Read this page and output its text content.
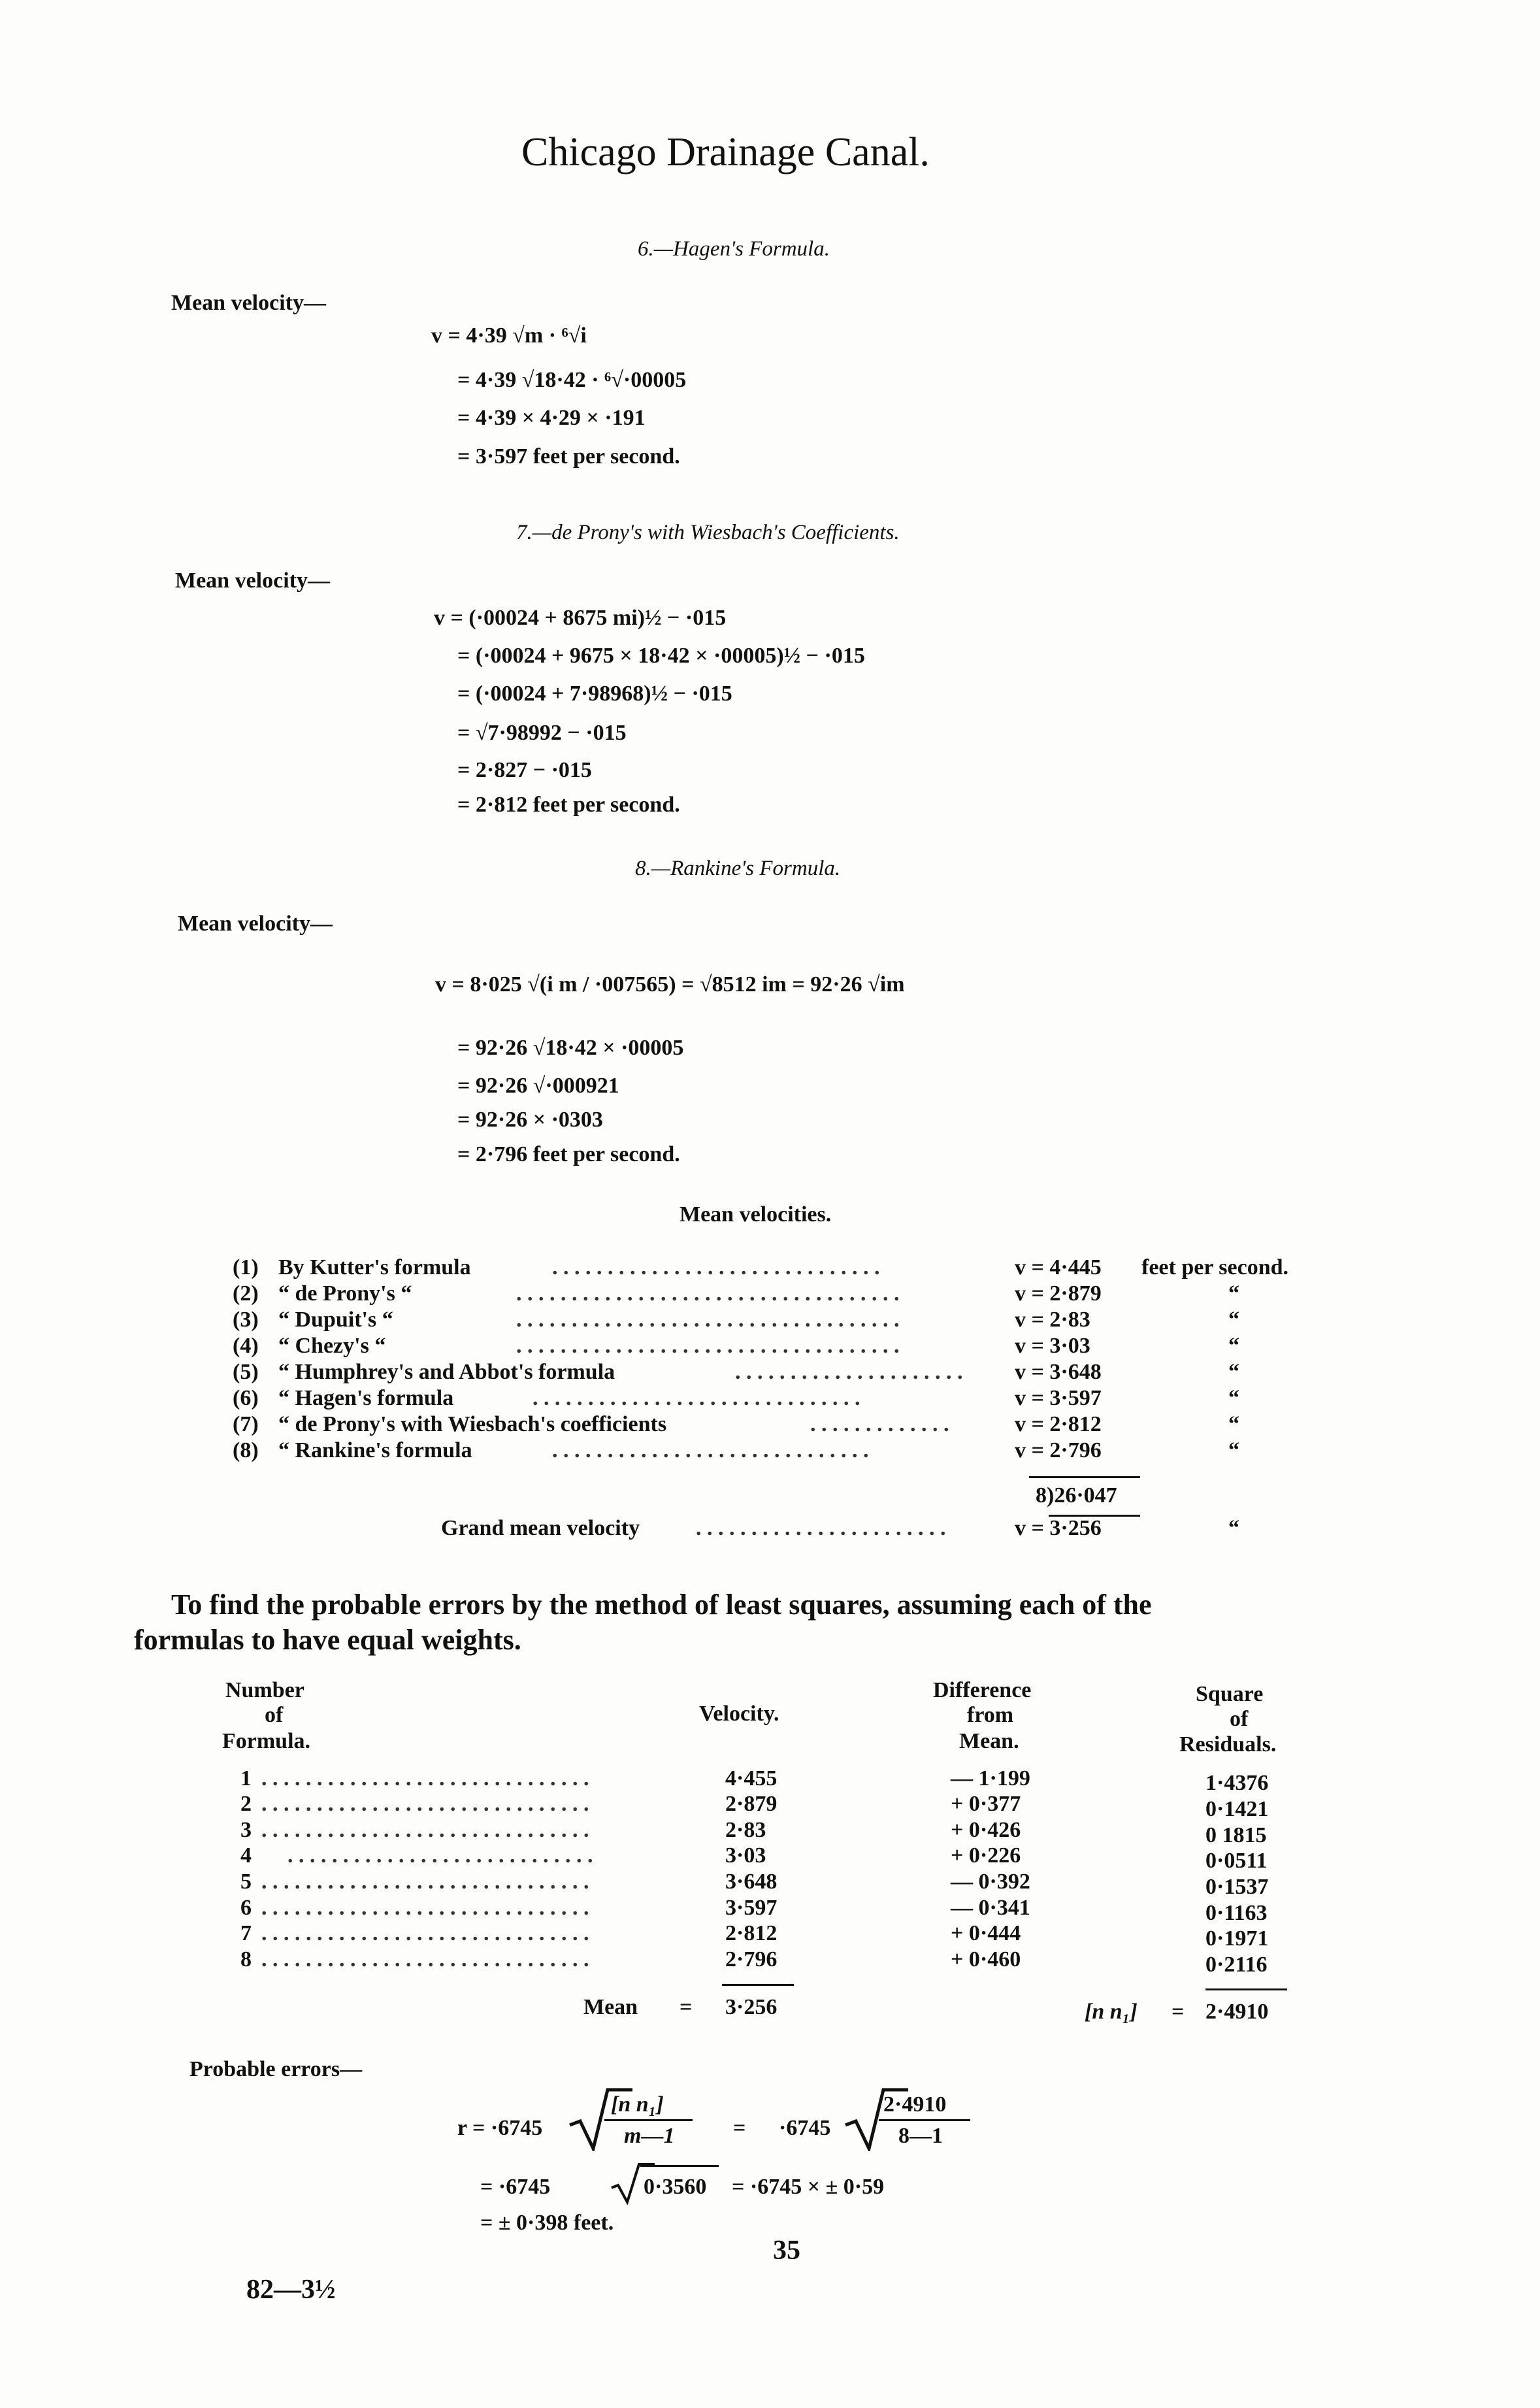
Chicago Drainage Canal.
6.—Hagen's Formula.
Mean velocity—
v = 4·39 √m · ⁶√i
= 4·39 √18·42 · ⁶√·00005
= 4·39 × 4·29 × ·191
= 3·597 feet per second.
7.—de Prony's with Wiesbach's Coefficients.
Mean velocity—
v = (·00024 + 8675 mi)½ − ·015
= (·00024 + 9675 × 18·42 × ·00005)½ − ·015
= (·00024 + 7·98968)½ − ·015
= √7·98992 − ·015
= 2·827 − ·015
= 2·812 feet per second.
8.—Rankine's Formula.
Mean velocity—
v = 8·025 √(i m / ·007565) = √8512 im = 92·26 √im
= 92·26 √18·42 × ·00005
= 92·26 √·000921
= 92·26 × ·0303
= 2·796 feet per second.
Mean velocities.
(1) By Kutter's formula	. . . . . . . . . . . . . . . . . . . . . . . . . . . . . .	v = 4·445 feet per second.
(2) “ de Prony's “	. . . . . . . . . . . . . . . . . . . . . . . . . . . . . . . . . . .	v = 2·879	“
(3) “ Dupuit's “	. . . . . . . . . . . . . . . . . . . . . . . . . . . . . . . . . . .	v = 2·83	“
(4) “ Chezy's “	. . . . . . . . . . . . . . . . . . . . . . . . . . . . . . . . . . .	v = 3·03	“
(5) “ Humphrey's and Abbot's formula	. . . . . . . . . . . . . . . . . . . . . v = 3·648	“
(6) “ Hagen's formula	. . . . . . . . . . . . . . . . . . . . . . . . . . . . . .	v = 3·597	“
(7) “ de Prony's with Wiesbach's coefficients	. . . . . . . . . . . . .	v = 2·812	“
(8) “ Rankine's formula	. . . . . . . . . . . . . . . . . . . . . . . . . . . . .	v = 2·796	“
8)26·047
Grand mean velocity	. . . . . . . . . . . . . . . . . . . . . . .	v = 3·256	“
To find the probable errors by the method of least squares, assuming each of the
formulas to have equal weights.
Number
of
Formula.
Velocity.
Difference
from
Mean.
Square
of
Residuals.
1 . . . . . . . . . . . . . . . . . . . . . . . . . . . . . .	4·455	— 1·199	1·4376
2 . . . . . . . . . . . . . . . . . . . . . . . . . . . . . .	2·879	+ 0·377	0·1421
3 . . . . . . . . . . . . . . . . . . . . . . . . . . . . . .	2·83	+ 0·426	0 1815
4 . . . . . . . . . . . . . . . . . . . . . . . . . . . .	3·03	+ 0·226	0·0511
5 . . . . . . . . . . . . . . . . . . . . . . . . . . . . . .	3·648	— 0·392	0·1537
6 . . . . . . . . . . . . . . . . . . . . . . . . . . . . . .	3·597	— 0·341	0·1163
7 . . . . . . . . . . . . . . . . . . . . . . . . . . . . . .	2·812	+ 0·444	0·1971
8 . . . . . . . . . . . . . . . . . . . . . . . . . . . . . .	2·796	+ 0·460	0·2116
Mean = 3·256	[n n₁] = 2·4910
Probable errors—
r = ·6745
[n n₁]
m—1	= ·6745
2·4910
8—1
= ·6745	0·3560 = ·6745 × ± 0·59
= ± 0·398 feet.
35
82—3½
